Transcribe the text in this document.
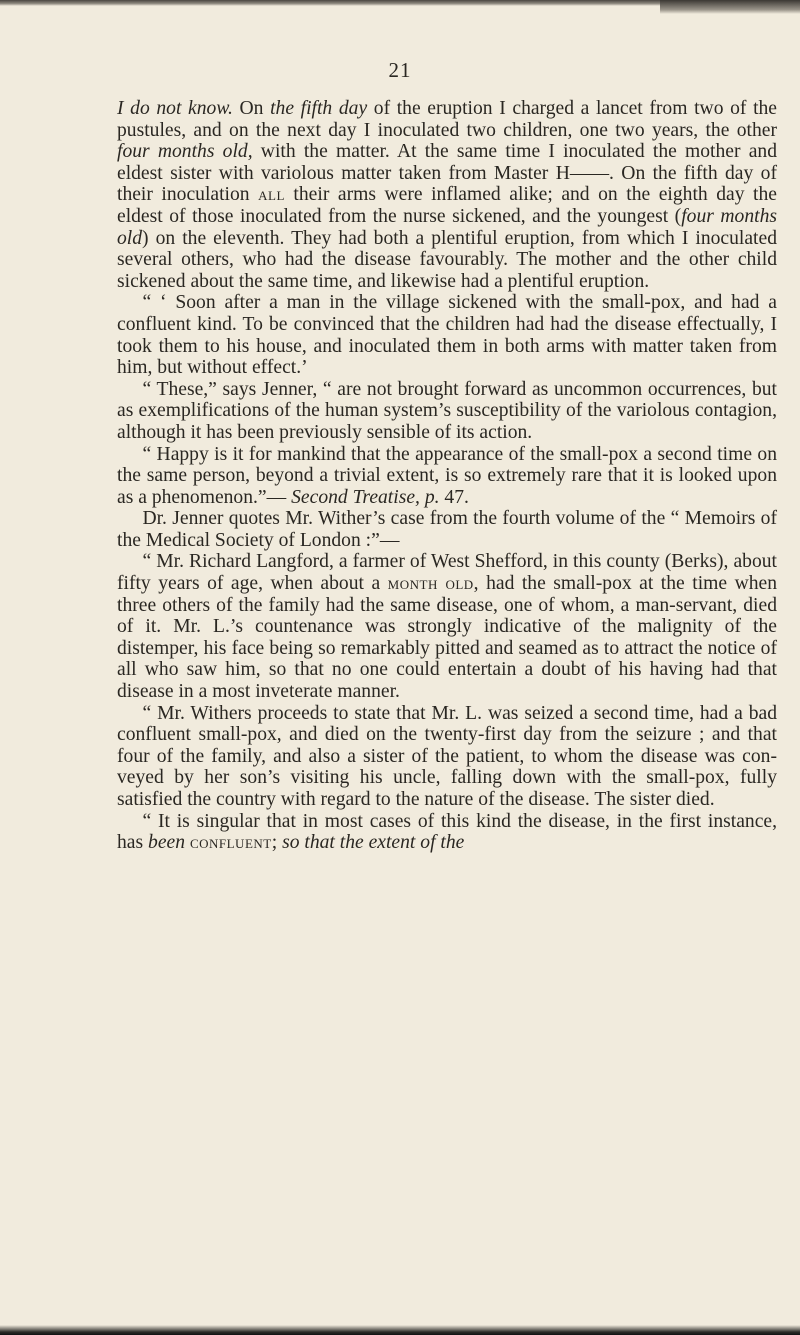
21

I do not know. On the fifth day of the eruption I charged a lancet from two of the pustules, and on the next day I inoculated two children, one two years, the other four months old, with the matter. At the same time I inoculated the mother and eldest sister with variolous matter taken from Master H——. On the fifth day of their inoculation all their arms were inflamed alike; and on the eighth day the eldest of those inoculated from the nurse sickened, and the youngest (four months old) on the eleventh. They had both a plentiful eruption, from which I inoculated several others, who had the disease favourably. The mother and the other child sickened about the same time, and likewise had a plentiful eruption.

“ ‘ Soon after a man in the village sickened with the small-pox, and had a confluent kind. To be convinced that the children had had the disease effectually, I took them to his house, and inoculated them in both arms with matter taken from him, but without effect.’

“ These,” says Jenner, “ are not brought forward as uncommon occurrences, but as exemplifications of the human system’s susceptibility of the variolous contagion, although it has been previously sensible of its action.

“ Happy is it for mankind that the appearance of the small-pox a second time on the same person, beyond a trivial extent, is so extremely rare that it is looked upon as a phenomenon.”— Second Treatise, p. 47.

Dr. Jenner quotes Mr. Wither’s case from the fourth volume of the “ Memoirs of the Medical Society of London :”—

“ Mr. Richard Langford, a farmer of West Shefford, in this county (Berks), about fifty years of age, when about a month old, had the small-pox at the time when three others of the family had the same disease, one of whom, a man-servant, died of it. Mr. L.’s countenance was strongly indicative of the malignity of the distemper, his face being so remarkably pitted and seamed as to attract the notice of all who saw him, so that no one could entertain a doubt of his having had that disease in a most inveterate manner.

“ Mr. Withers proceeds to state that Mr. L. was seized a second time, had a bad confluent small-pox, and died on the twenty-first day from the seizure ; and that four of the family, and also a sister of the patient, to whom the disease was conveyed by her son’s visiting his uncle, falling down with the small-pox, fully satisfied the country with regard to the nature of the disease. The sister died.

“ It is singular that in most cases of this kind the disease, in the first instance, has been confluent; so that the extent of the
